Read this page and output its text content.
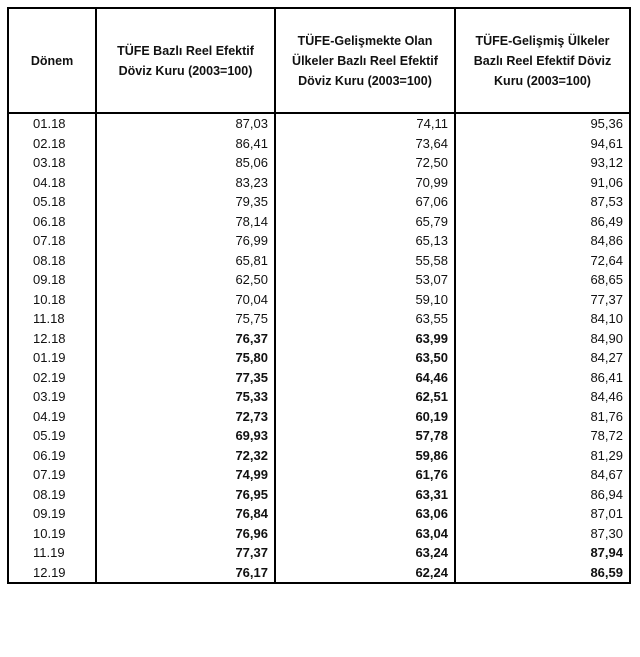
Dönem	TÜFE Bazlı Reel Efektif Döviz Kuru (2003=100)	TÜFE-Gelişmekte Olan Ülkeler Bazlı Reel Efektif Döviz Kuru (2003=100)	TÜFE-Gelişmiş Ülkeler Bazlı Reel Efektif Döviz Kuru (2003=100)
01.18	87,03	74,11	95,36
02.18	86,41	73,64	94,61
03.18	85,06	72,50	93,12
04.18	83,23	70,99	91,06
05.18	79,35	67,06	87,53
06.18	78,14	65,79	86,49
07.18	76,99	65,13	84,86
08.18	65,81	55,58	72,64
09.18	62,50	53,07	68,65
10.18	70,04	59,10	77,37
11.18	75,75	63,55	84,10
12.18	76,37	63,99	84,90
01.19	75,80	63,50	84,27
02.19	77,35	64,46	86,41
03.19	75,33	62,51	84,46
04.19	72,73	60,19	81,76
05.19	69,93	57,78	78,72
06.19	72,32	59,86	81,29
07.19	74,99	61,76	84,67
08.19	76,95	63,31	86,94
09.19	76,84	63,06	87,01
10.19	76,96	63,04	87,30
11.19	77,37	63,24	87,94
12.19	76,17	62,24	86,59
